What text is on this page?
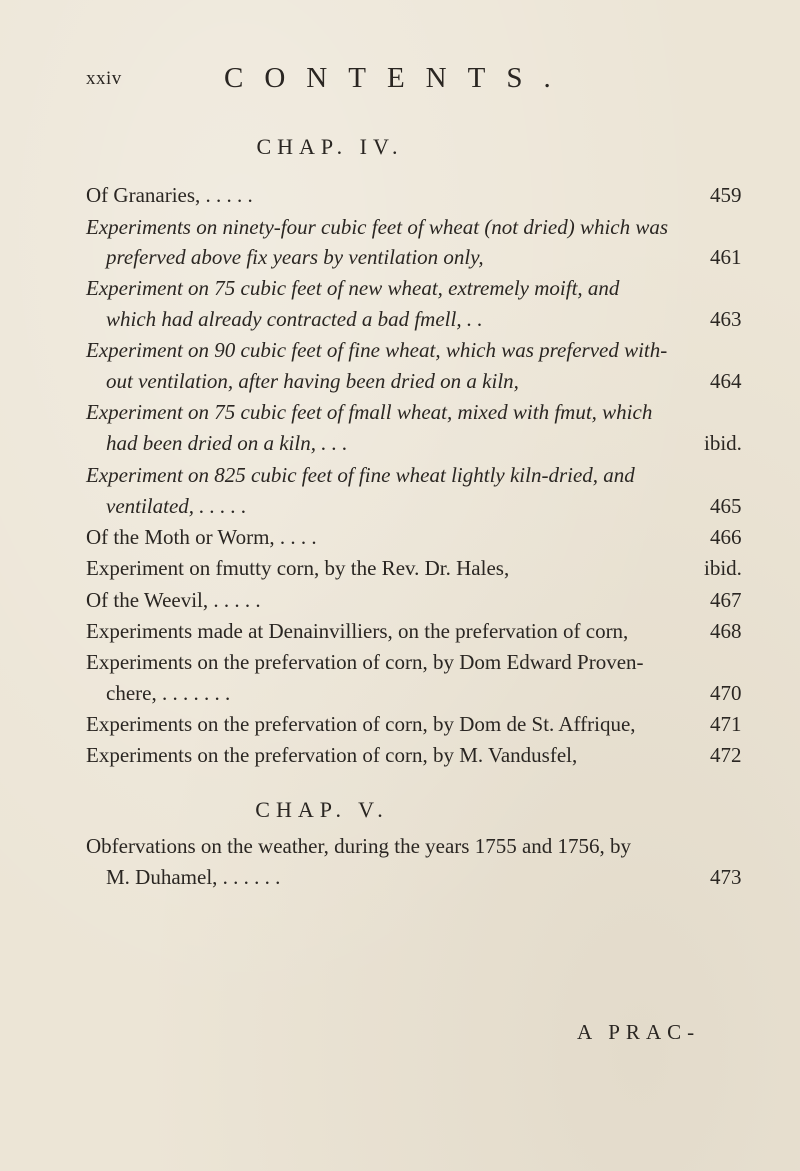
xxiv	CONTENTS.
CHAP. IV.
Of Granaries, . . . . .	459
Experiments on ninety-four cubic feet of wheat (not dried) which was
preferved above fix years by ventilation only,	461
Experiment on 75 cubic feet of new wheat, extremely moift, and
which had already contracted a bad fmell, . .	463
Experiment on 90 cubic feet of fine wheat, which was preferved with-
out ventilation, after having been dried on a kiln,	464
Experiment on 75 cubic feet of fmall wheat, mixed with fmut, which
had been dried on a kiln, . . .	ibid.
Experiment on 825 cubic feet of fine wheat lightly kiln-dried, and
ventilated, . . . . .	465
Of the Moth or Worm, . . . .	466
Experiment on fmutty corn, by the Rev. Dr. Hales,	ibid.
Of the Weevil, . . . . .	467
Experiments made at Denainvilliers, on the prefervation of corn,	468
Experiments on the prefervation of corn, by Dom Edward Proven-
chere, . . . . . . .	470
Experiments on the prefervation of corn, by Dom de St. Affrique,	471
Experiments on the prefervation of corn, by M. Vandusfel,	472
CHAP. V.
Obfervations on the weather, during the years 1755 and 1756, by
M. Duhamel, . . . . . .	473
A PRAC-
